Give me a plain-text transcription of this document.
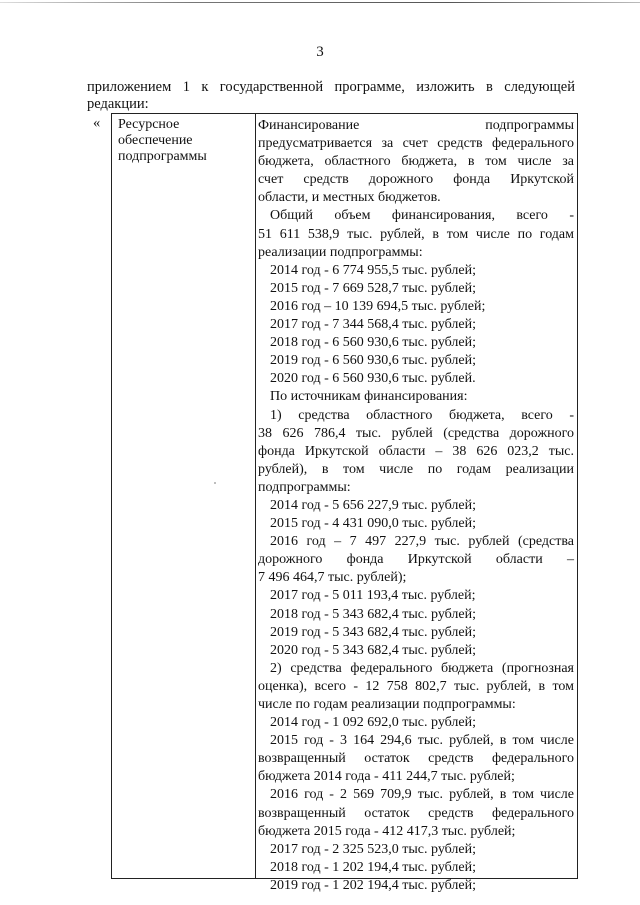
3
приложением 1 к государственной программе, изложить в следующей
редакции:
« Ресурсное обеспечение подпрограммы
Финансирование подпрограммы
предусматривается за счет средств федерального
бюджета, областного бюджета, в том числе за
счет средств дорожного фонда Иркутской
области, и местных бюджетов.
Общий объем финансирования, всего -
51 611 538,9 тыс. рублей, в том числе по годам
реализации подпрограммы:
2014 год - 6 774 955,5 тыс. рублей;
2015 год - 7 669 528,7 тыс. рублей;
2016 год – 10 139 694,5 тыс. рублей;
2017 год - 7 344 568,4 тыс. рублей;
2018 год - 6 560 930,6 тыс. рублей;
2019 год - 6 560 930,6 тыс. рублей;
2020 год - 6 560 930,6 тыс. рублей.
По источникам финансирования:
1) средства областного бюджета, всего -
38 626 786,4 тыс. рублей (средства дорожного
фонда Иркутской области – 38 626 023,2 тыс.
рублей), в том числе по годам реализации
подпрограммы:
2014 год - 5 656 227,9 тыс. рублей;
2015 год - 4 431 090,0 тыс. рублей;
2016 год – 7 497 227,9 тыс. рублей (средства
дорожного фонда Иркутской области –
7 496 464,7 тыс. рублей);
2017 год - 5 011 193,4 тыс. рублей;
2018 год - 5 343 682,4 тыс. рублей;
2019 год - 5 343 682,4 тыс. рублей;
2020 год - 5 343 682,4 тыс. рублей;
2) средства федерального бюджета (прогнозная
оценка), всего - 12 758 802,7 тыс. рублей, в том
числе по годам реализации подпрограммы:
2014 год - 1 092 692,0 тыс. рублей;
2015 год - 3 164 294,6 тыс. рублей, в том числе
возвращенный остаток средств федерального
бюджета 2014 года - 411 244,7 тыс. рублей;
2016 год - 2 569 709,9 тыс. рублей, в том числе
возвращенный остаток средств федерального
бюджета 2015 года - 412 417,3 тыс. рублей;
2017 год - 2 325 523,0 тыс. рублей;
2018 год - 1 202 194,4 тыс. рублей;
2019 год - 1 202 194,4 тыс. рублей;
